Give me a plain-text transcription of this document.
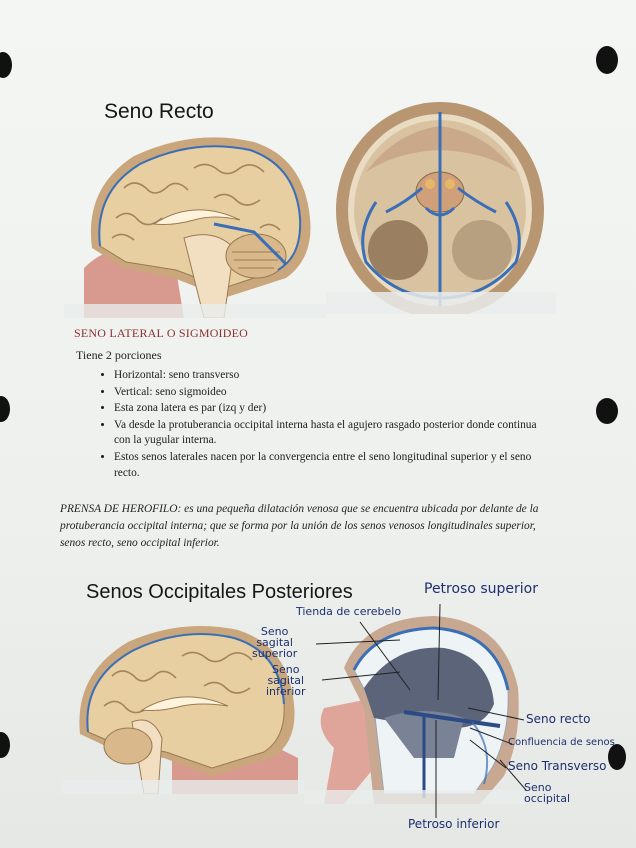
Seno Recto
SENO LATERAL O SIGMOIDEO
Tiene 2 porciones
• Horizontal: seno transverso
• Vertical: seno sigmoideo
• Esta zona latera es par (izq y der)
• Va desde la protuberancia occipital interna hasta el agujero rasgado posterior donde continua con la yugular interna.
• Estos senos laterales nacen por la convergencia entre el seno longitudinal superior y el seno recto.

PRENSA DE HEROFILO: es una pequeña dilatación venosa que se encuentra ubicada por delante de la protuberancia occipital interna; que se forma por la unión de los senos venosos longitudinales superior, senos recto, seno occipital inferior.

Senos Occipitales Posteriores	Petroso superior
Tienda de cerebelo
Seno
sagital
superior
Seno
sagital
inferior
Seno recto
Confluencia de senos
Seno Transverso
Seno
occipital
Petroso inferior
